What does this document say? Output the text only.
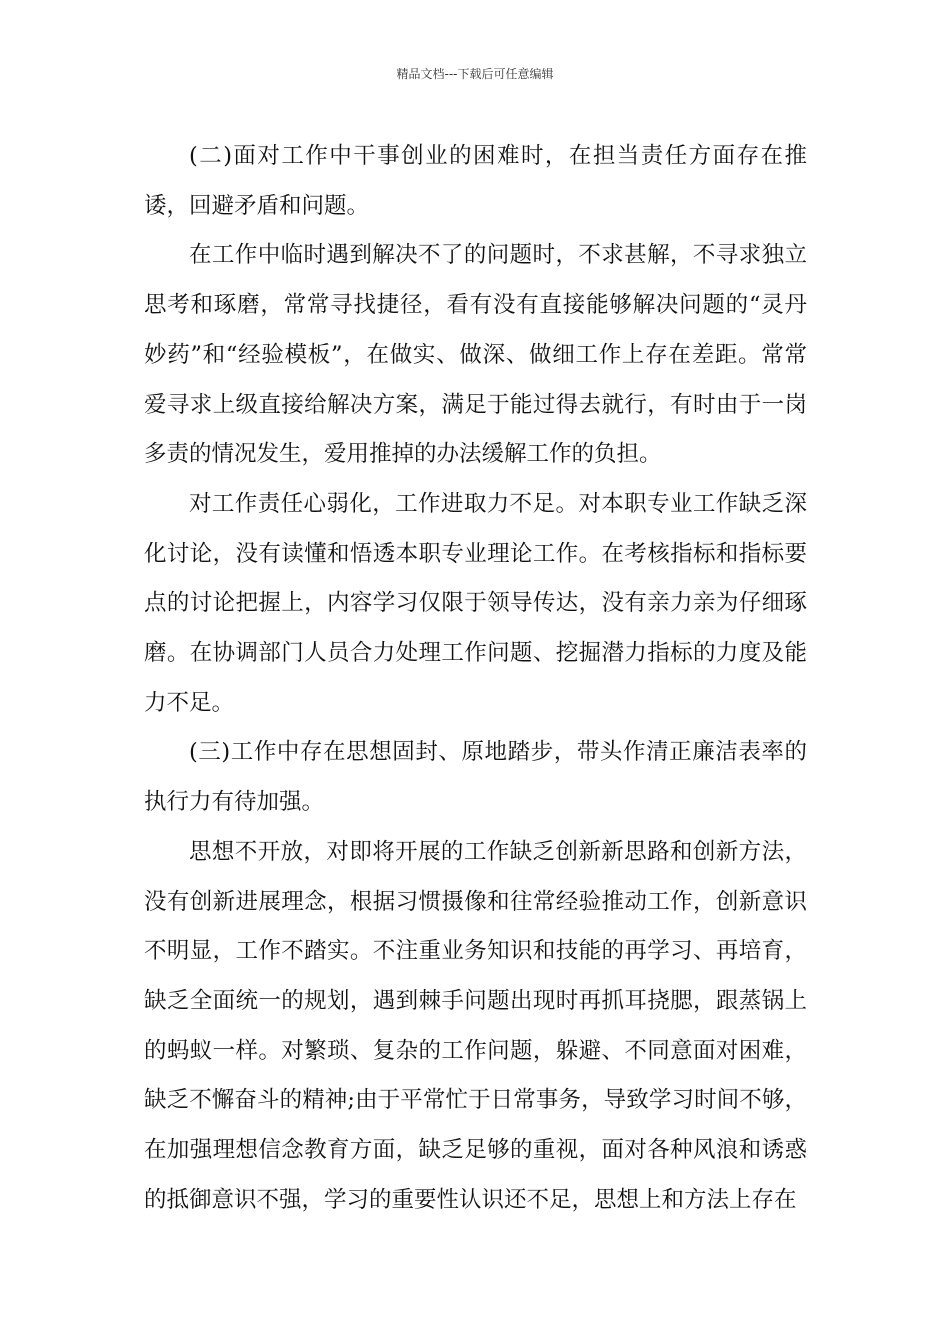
精品文档---下载后可任意编辑

(二)面对工作中干事创业的困难时，在担当责任方面存在推诿，回避矛盾和问题。

在工作中临时遇到解决不了的问题时，不求甚解，不寻求独立思考和琢磨，常常寻找捷径，看有没有直接能够解决问题的“灵丹妙药”和“经验模板”，在做实、做深、做细工作上存在差距。常常爱寻求上级直接给解决方案，满足于能过得去就行，有时由于一岗多责的情况发生，爱用推掉的办法缓解工作的负担。

对工作责任心弱化，工作进取力不足。对本职专业工作缺乏深化讨论，没有读懂和悟透本职专业理论工作。在考核指标和指标要点的讨论把握上，内容学习仅限于领导传达，没有亲力亲为仔细琢磨。在协调部门人员合力处理工作问题、挖掘潜力指标的力度及能力不足。

(三)工作中存在思想固封、原地踏步，带头作清正廉洁表率的执行力有待加强。

思想不开放，对即将开展的工作缺乏创新新思路和创新方法，没有创新进展理念，根据习惯摄像和往常经验推动工作，创新意识不明显，工作不踏实。不注重业务知识和技能的再学习、再培育，缺乏全面统一的规划，遇到棘手问题出现时再抓耳挠腮，跟蒸锅上的蚂蚁一样。对繁琐、复杂的工作问题，躲避、不同意面对困难，缺乏不懈奋斗的精神;由于平常忙于日常事务，导致学习时间不够，在加强理想信念教育方面，缺乏足够的重视，面对各种风浪和诱惑的抵御意识不强，学习的重要性认识还不足，思想上和方法上存在
